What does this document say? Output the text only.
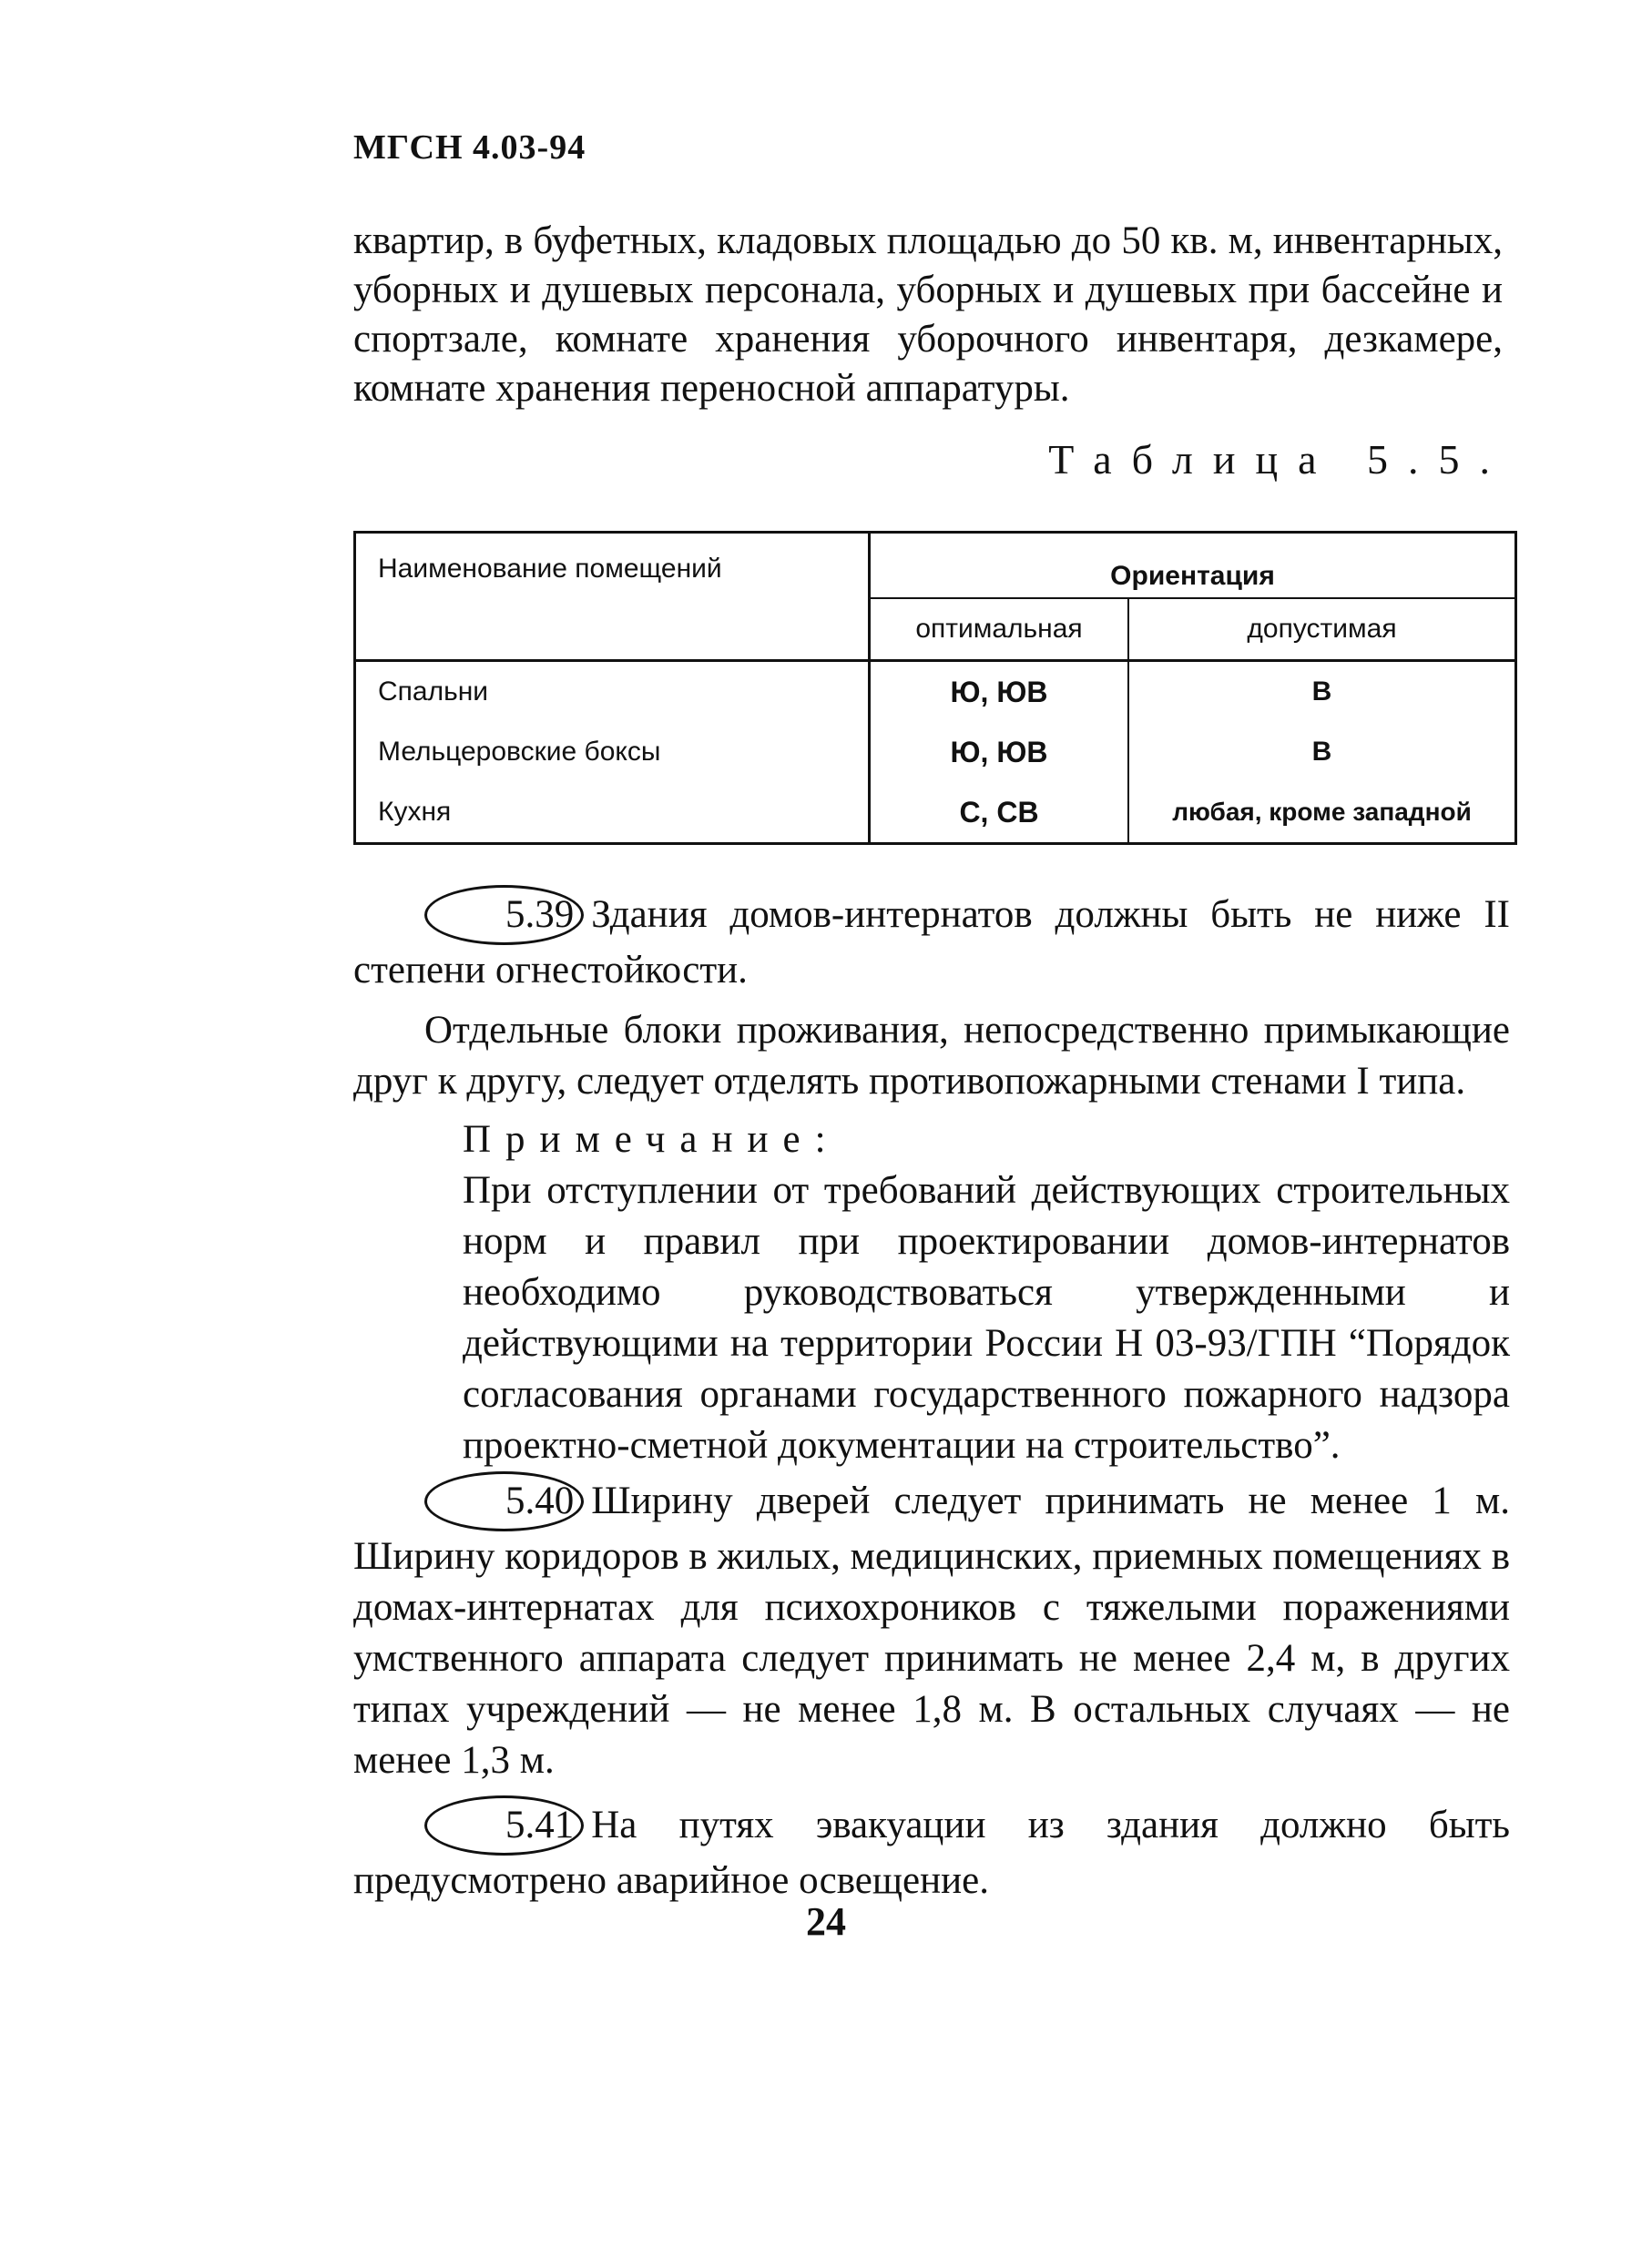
МГСН 4.03-94
квартир, в буфетных, кладовых площадью до 50 кв. м, инвентарных, уборных и душевых персонала, уборных и душевых при бассейне и спортзале, комнате хранения уборочного инвентаря, дезкамере, комнате хранения переносной аппаратуры.
Таблица 5.5.
Наименование помещений	Ориентация	
	оптимальная	допустимая
Спальни	Ю, ЮВ	В
Мельцеровские боксы	Ю, ЮВ	В
Кухня	С, СВ	любая, кроме западной

5.39 Здания домов-интернатов должны быть не ниже II степени огнестойкости.

Отдельные блоки проживания, непосредственно примыкающие друг к другу, следует отделять противопожарными стенами I типа.

Примечание:

При отступлении от требований действующих строительных норм и правил при проектировании домов-интернатов необходимо руководствоваться утвержденными и действующими на территории России Н 03-93/ГПН “Порядок согласования органами государственного пожарного надзора проектно-сметной документации на строительство”.

5.40 Ширину дверей следует принимать не менее 1 м. Ширину коридоров в жилых, медицинских, приемных помещениях в домах-интернатах для психохроников с тяжелыми поражениями умственного аппарата следует принимать не менее 2,4 м, в других типах учреждений — не менее 1,8 м. В остальных случаях — не менее 1,3 м.

5.41 На путях эвакуации из здания должно быть предусмотрено аварийное освещение.

24
